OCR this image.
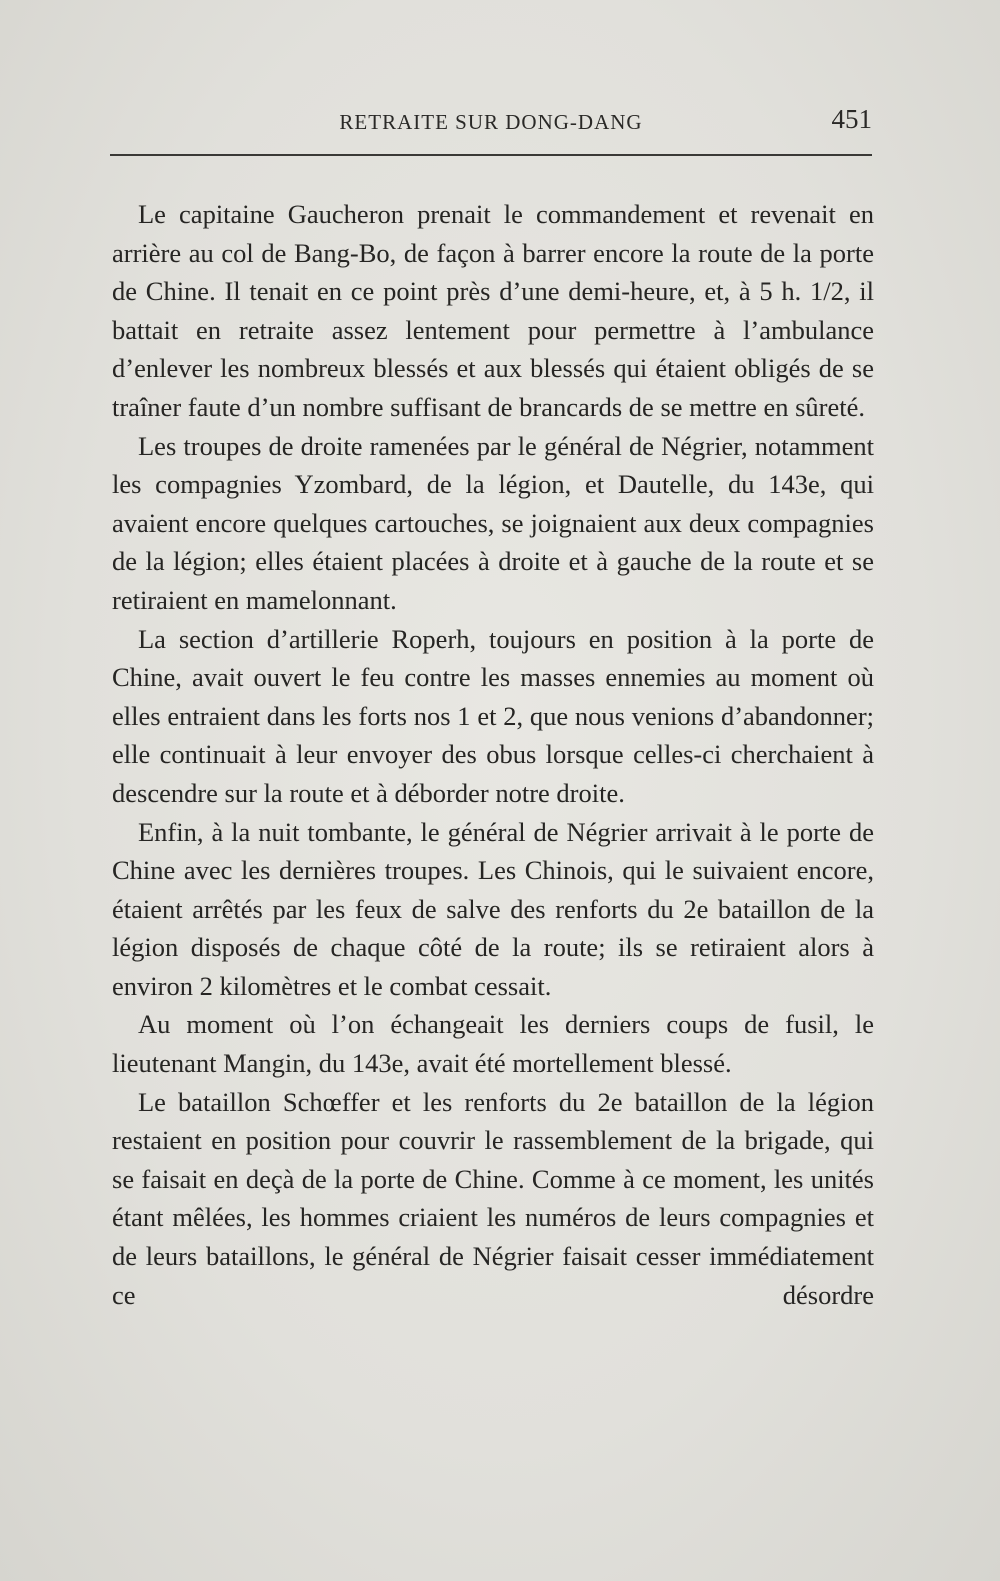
RETRAITE SUR DONG-DANG	451

Le capitaine Gaucheron prenait le commandement et revenait en arrière au col de Bang-Bo, de façon à barrer encore la route de la porte de Chine. Il tenait en ce point près d’une demi-heure, et, à 5 h. 1/2, il battait en retraite assez lentement pour permettre à l’ambulance d’enlever les nombreux blessés et aux blessés qui étaient obligés de se traîner faute d’un nombre suffisant de brancards de se mettre en sûreté.

Les troupes de droite ramenées par le général de Négrier, notamment les compagnies Yzombard, de la légion, et Dautelle, du 143e, qui avaient encore quelques cartouches, se joignaient aux deux compagnies de la légion; elles étaient placées à droite et à gauche de la route et se retiraient en mamelonnant.

La section d’artillerie Roperh, toujours en position à la porte de Chine, avait ouvert le feu contre les masses ennemies au moment où elles entraient dans les forts nos 1 et 2, que nous venions d’abandonner; elle continuait à leur envoyer des obus lorsque celles-ci cherchaient à descendre sur la route et à déborder notre droite.

Enfin, à la nuit tombante, le général de Négrier arrivait à le porte de Chine avec les dernières troupes. Les Chinois, qui le suivaient encore, étaient arrêtés par les feux de salve des renforts du 2e bataillon de la légion disposés de chaque côté de la route; ils se retiraient alors à environ 2 kilomètres et le combat cessait.

Au moment où l’on échangeait les derniers coups de fusil, le lieutenant Mangin, du 143e, avait été mortellement blessé.

Le bataillon Schœffer et les renforts du 2e bataillon de la légion restaient en position pour couvrir le rassemblement de la brigade, qui se faisait en deçà de la porte de Chine. Comme à ce moment, les unités étant mêlées, les hommes criaient les numéros de leurs compagnies et de leurs bataillons, le général de Négrier faisait cesser immédiatement ce désordre
